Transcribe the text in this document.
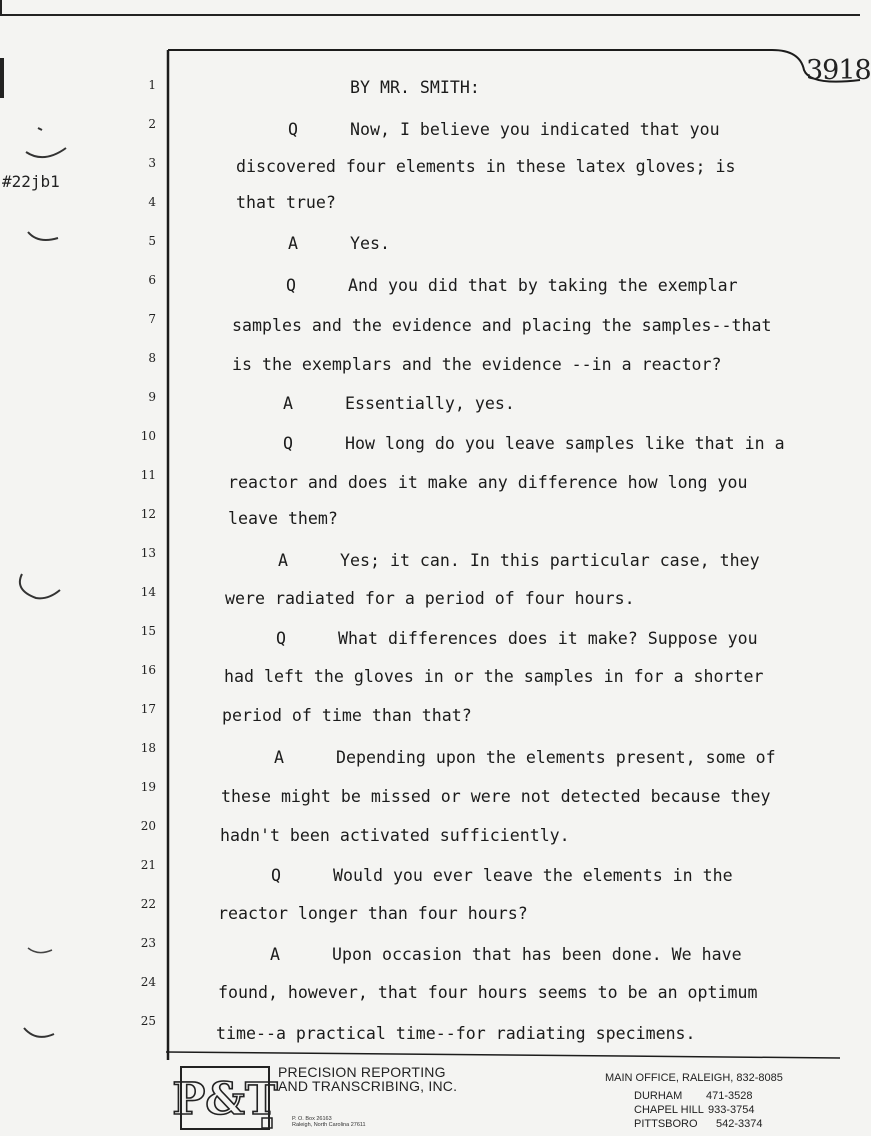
#22jb1
3918
1
2
3
4
5
6
7
8
9
10
11
12
13
14
15
16
17
18
19
20
21
22
23
24
25
BY MR. SMITH:
Q	Now, I believe you indicated that you
discovered four elements in these latex gloves; is
that true?
A	Yes.
Q	And you did that by taking the exemplar
samples and the evidence and placing the samples--that
is the exemplars and the evidence --in a reactor?
A	Essentially, yes.
Q	How long do you leave samples like that in a
reactor and does it make any difference how long you
leave them?
A	Yes; it can. In this particular case, they
were radiated for a period of four hours.
Q	What differences does it make? Suppose you
had left the gloves in or the samples in for a shorter
period of time than that?
A	Depending upon the elements present, some of
these might be missed or were not detected because they
hadn't been activated sufficiently.
Q	Would you ever leave the elements in the
reactor longer than four hours?
A	Upon occasion that has been done. We have
found, however, that four hours seems to be an optimum
time--a practical time--for radiating specimens.
P&T
PRECISION REPORTING
AND TRANSCRIBING, INC.
P. O. Box 26163
Raleigh, North Carolina 27611
MAIN OFFICE, RALEIGH, 832-8085
DURHAM 471-3528
CHAPEL HILL 933-3754
PITTSBORO 542-3374
